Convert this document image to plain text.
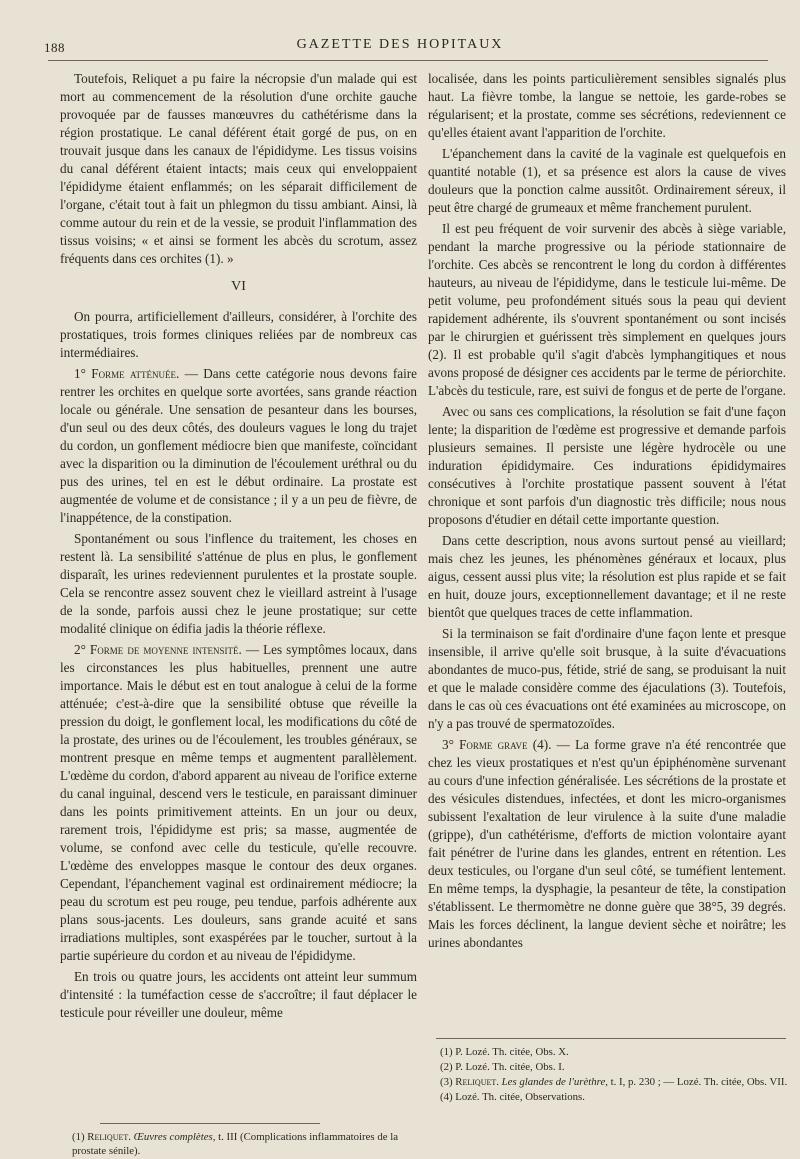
188	GAZETTE DES HOPITAUX

Toutefois, Reliquet a pu faire la nécropsie d'un malade qui est mort au commencement de la résolution d'une orchite gauche provoquée par de fausses manœuvres du cathétérisme dans la région prostatique. Le canal déférent était gorgé de pus, on en trouvait jusque dans les canaux de l'épididyme. Les tissus voisins du canal déférent étaient intacts; mais ceux qui enveloppaient l'épididyme étaient enflammés; on les séparait difficilement de l'organe, c'était tout à fait un phlegmon du tissu ambiant. Ainsi, là comme autour du rein et de la vessie, se produit l'inflammation des tissus voisins; « et ainsi se forment les abcès du scrotum, assez fréquents dans ces orchites (1). »

VI

On pourra, artificiellement d'ailleurs, considérer, à l'orchite des prostatiques, trois formes cliniques reliées par de nombreux cas intermédiaires.

1° Forme atténuée. — Dans cette catégorie nous devons faire rentrer les orchites en quelque sorte avortées, sans grande réaction locale ou générale. Une sensation de pesanteur dans les bourses, d'un seul ou des deux côtés, des douleurs vagues le long du trajet du cordon, un gonflement médiocre bien que manifeste, coïncidant avec la disparition ou la diminution de l'écoulement uréthral ou du pus des urines, tel en est le début ordinaire. La prostate est augmentée de volume et de consistance ; il y a un peu de fièvre, de l'inappétence, de la constipation.

Spontanément ou sous l'inflence du traitement, les choses en restent là. La sensibilité s'atténue de plus en plus, le gonflement disparaît, les urines redeviennent purulentes et la prostate souple. Cela se rencontre assez souvent chez le vieillard astreint à l'usage de la sonde, parfois aussi chez le jeune prostatique; sur cette modalité clinique on édifia jadis la théorie réflexe.

2° Forme de moyenne intensité. — Les symptômes locaux, dans les circonstances les plus habituelles, prennent une autre importance. Mais le début est en tout analogue à celui de la forme atténuée; c'est-à-dire que la sensibilité obtuse que réveille la pression du doigt, le gonflement local, les modifications du côté de la prostate, des urines ou de l'écoulement, les troubles généraux, se montrent presque en même temps et augmentent parallèlement. L'œdème du cordon, d'abord apparent au niveau de l'orifice externe du canal inguinal, descend vers le testicule, en paraissant diminuer dans les points primitivement atteints. En un jour ou deux, rarement trois, l'épididyme est pris; sa masse, augmentée de volume, se confond avec celle du testicule, qu'elle recouvre. L'œdème des enveloppes masque le contour des deux organes. Cependant, l'épanchement vaginal est ordinairement médiocre; la peau du scrotum est peu rouge, peu tendue, parfois adhérente aux plans sous-jacents. Les douleurs, sans grande acuité et sans irradiations multiples, sont exaspérées par le toucher, surtout à la partie supérieure du cordon et au niveau de l'épididyme.

En trois ou quatre jours, les accidents ont atteint leur summum d'intensité : la tuméfaction cesse de s'accroître; il faut déplacer le testicule pour réveiller une douleur, même

(1) Reliquet. Œuvres complètes, t. III (Complications inflammatoires de la prostate sénile).

localisée, dans les points particulièrement sensibles signalés plus haut. La fièvre tombe, la langue se nettoie, les garde-robes se régularisent; et la prostate, comme ses sécrétions, redeviennent ce qu'elles étaient avant l'apparition de l'orchite.

L'épanchement dans la cavité de la vaginale est quelquefois en quantité notable (1), et sa présence est alors la cause de vives douleurs que la ponction calme aussitôt. Ordinairement séreux, il peut être chargé de grumeaux et même franchement purulent.

Il est peu fréquent de voir survenir des abcès à siège variable, pendant la marche progressive ou la période stationnaire de l'orchite. Ces abcès se rencontrent le long du cordon à différentes hauteurs, au niveau de l'épididyme, dans le testicule lui-même. De petit volume, peu profondément situés sous la peau qui devient rapidement adhérente, ils s'ouvrent spontanément ou sont incisés par le chirurgien et guérissent très simplement en quelques jours (2). Il est probable qu'il s'agit d'abcès lymphangitiques et nous avons proposé de désigner ces accidents par le terme de périorchite. L'abcès du testicule, rare, est suivi de fongus et de perte de l'organe.

Avec ou sans ces complications, la résolution se fait d'une façon lente; la disparition de l'œdème est progressive et demande parfois plusieurs semaines. Il persiste une légère hydrocèle ou une induration épididymaire. Ces indurations épididymaires consécutives à l'orchite prostatique passent souvent à l'état chronique et sont parfois d'un diagnostic très difficile; nous nous proposons d'étudier en détail cette importante question.

Dans cette description, nous avons surtout pensé au vieillard; mais chez les jeunes, les phénomènes généraux et locaux, plus aigus, cessent aussi plus vite; la résolution est plus rapide et se fait en huit, douze jours, exceptionnellement davantage; et il ne reste bientôt que quelques traces de cette inflammation.

Si la terminaison se fait d'ordinaire d'une façon lente et presque insensible, il arrive qu'elle soit brusque, à la suite d'évacuations abondantes de muco-pus, fétide, strié de sang, se produisant la nuit et que le malade considère comme des éjaculations (3). Toutefois, dans le cas où ces évacuations ont été examinées au microscope, on n'y a pas trouvé de spermatozoïdes.

3° Forme grave (4). — La forme grave n'a été rencontrée que chez les vieux prostatiques et n'est qu'un épiphénomène survenant au cours d'une infection généralisée. Les sécrétions de la prostate et des vésicules distendues, infectées, et dont les micro-organismes subissent l'exaltation de leur virulence à la suite d'une maladie (grippe), d'un cathétérisme, d'efforts de miction volontaire ayant fait pénétrer de l'urine dans les glandes, entrent en rétention. Les deux testicules, ou l'organe d'un seul côté, se tuméfient lentement. En même temps, la dysphagie, la pesanteur de tête, la constipation s'établissent. Le thermomètre ne donne guère que 38°5, 39 degrés. Mais les forces déclinent, la langue devient sèche et noirâtre; les urines abondantes

(1) P. Lozé. Th. citée, Obs. X.

(2) P. Lozé. Th. citée, Obs. I.

(3) Reliquet. Les glandes de l'urèthre, t. I, p. 230 ; — Lozé. Th. citée, Obs. VII.

(4) Lozé. Th. citée, Observations.
